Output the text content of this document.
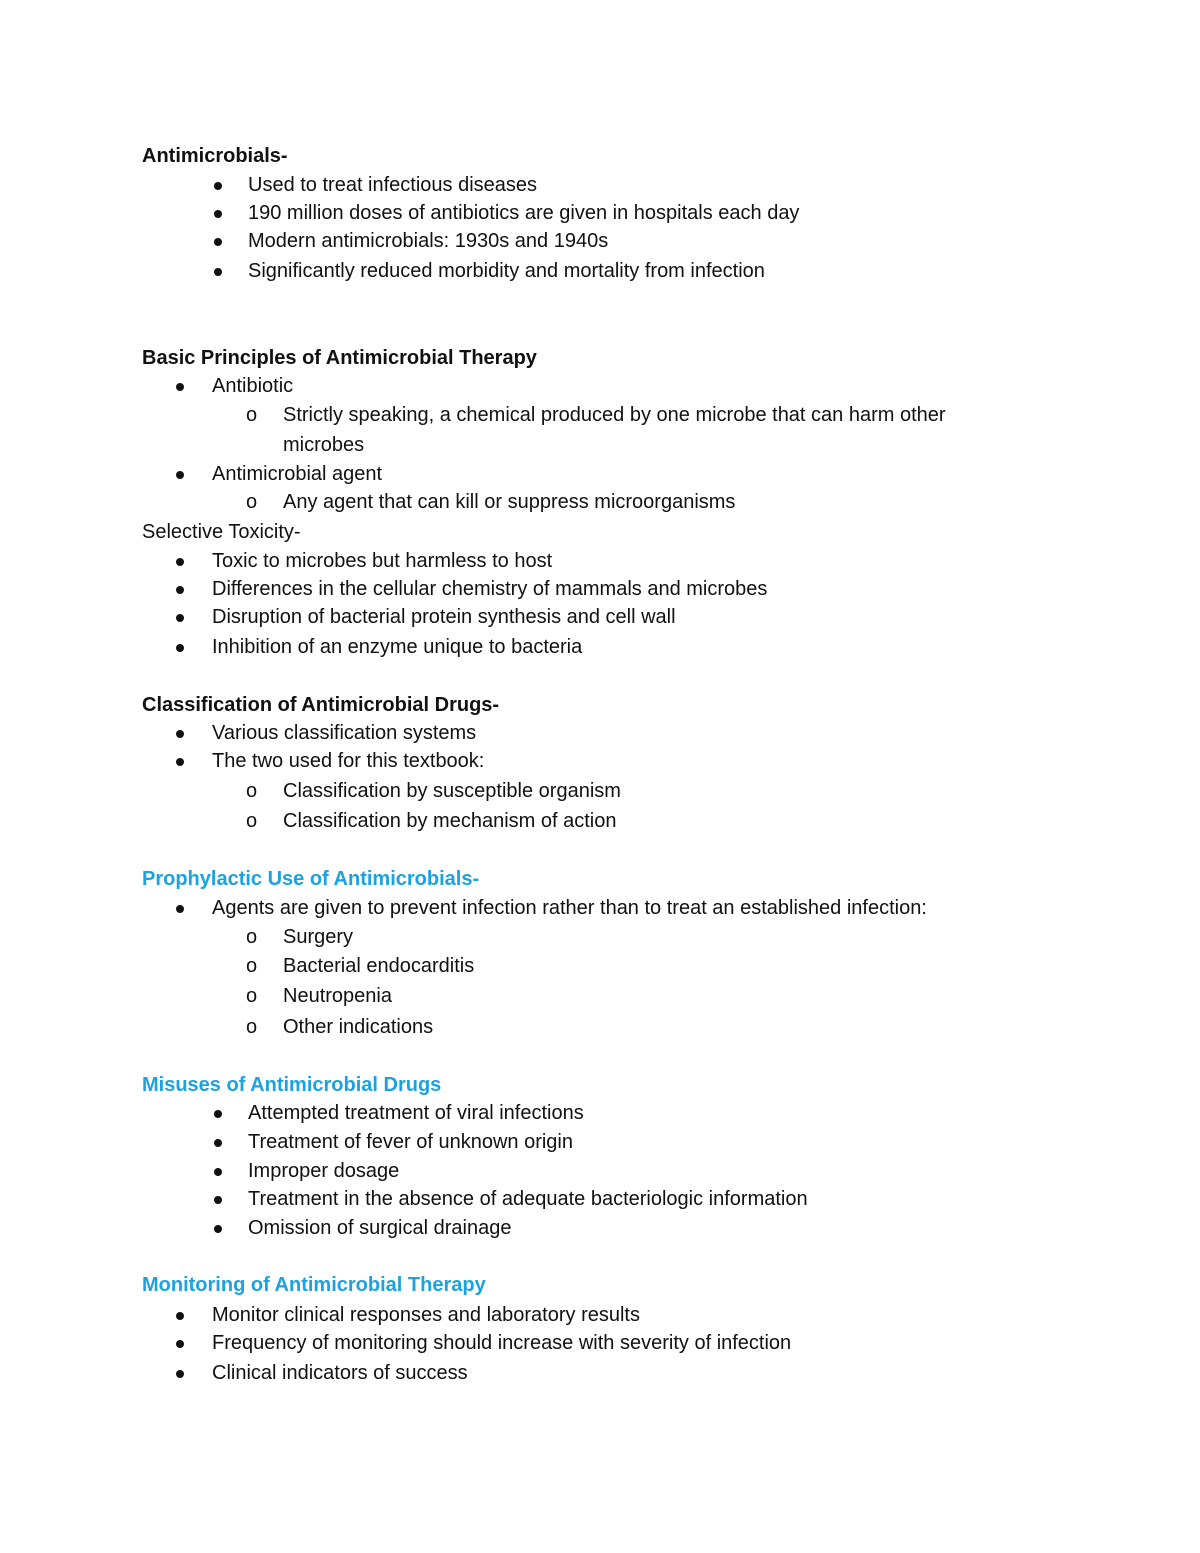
Antimicrobials-
Used to treat infectious diseases
190 million doses of antibiotics are given in hospitals each day
Modern antimicrobials: 1930s and 1940s
Significantly reduced morbidity and mortality from infection
Basic Principles of Antimicrobial Therapy
Antibiotic
o Strictly speaking, a chemical produced by one microbe that can harm other
microbes
Antimicrobial agent
o Any agent that can kill or suppress microorganisms
Selective Toxicity-
Toxic to microbes but harmless to host
Differences in the cellular chemistry of mammals and microbes
Disruption of bacterial protein synthesis and cell wall
Inhibition of an enzyme unique to bacteria
Classification of Antimicrobial Drugs-
Various classification systems
The two used for this textbook:
o Classification by susceptible organism
o Classification by mechanism of action
Prophylactic Use of Antimicrobials-
Agents are given to prevent infection rather than to treat an established infection:
o Surgery
o Bacterial endocarditis
o Neutropenia
o Other indications
Misuses of Antimicrobial Drugs
Attempted treatment of viral infections
Treatment of fever of unknown origin
Improper dosage
Treatment in the absence of adequate bacteriologic information
Omission of surgical drainage
Monitoring of Antimicrobial Therapy
Monitor clinical responses and laboratory results
Frequency of monitoring should increase with severity of infection
Clinical indicators of success
